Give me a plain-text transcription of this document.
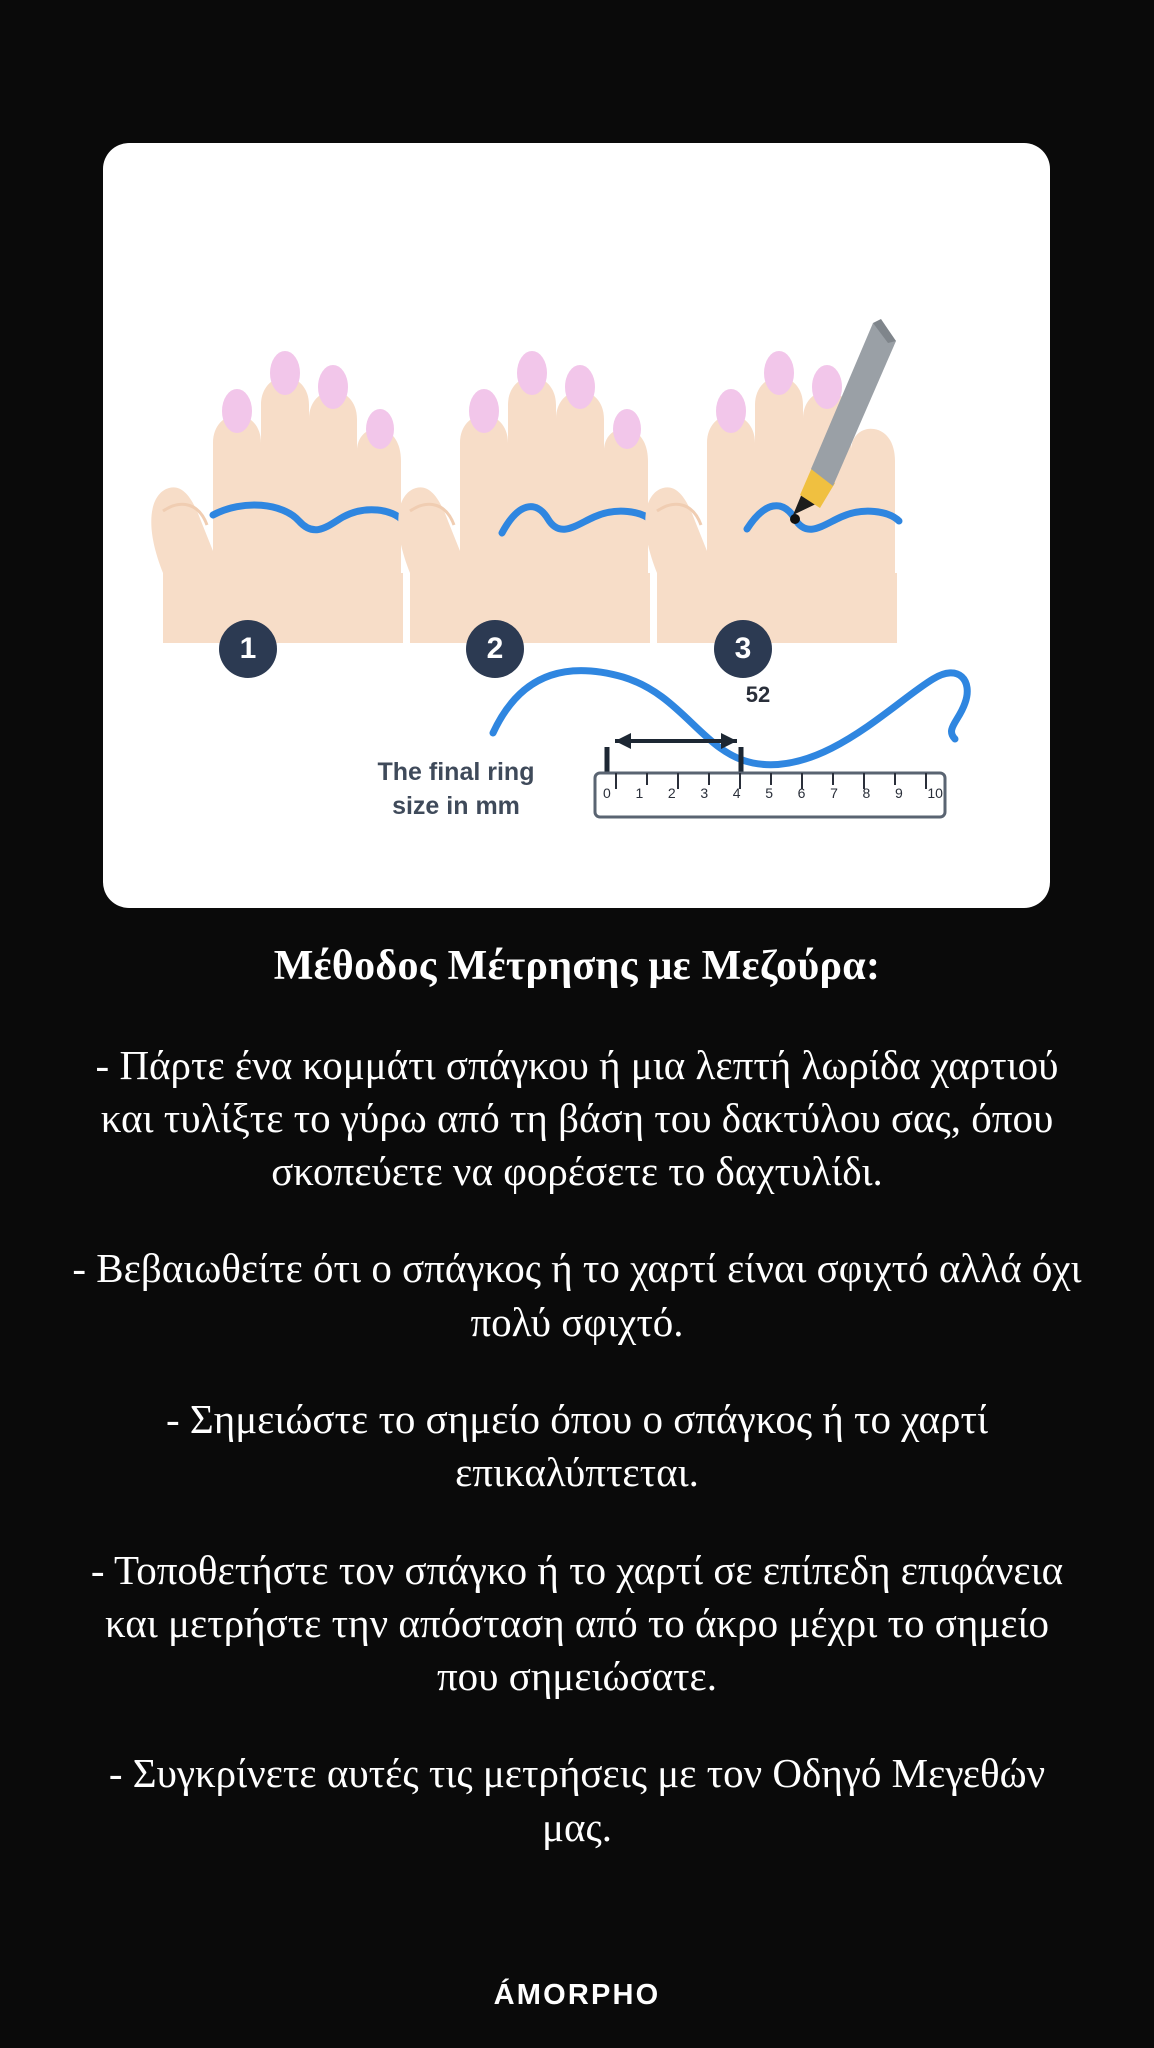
1	2	3
The final ring
size in mm
52
0 1 2 3 4 5 6 7 8 9 10
Μέθοδος Μέτρησης με Μεζούρα:

- Πάρτε ένα κομμάτι σπάγκου ή μια λεπτή λωρίδα χαρτιού και τυλίξτε το γύρω από τη βάση του δακτύλου σας, όπου σκοπεύετε να φορέσετε το δαχτυλίδι.

- Βεβαιωθείτε ότι ο σπάγκος ή το χαρτί είναι σφιχτό αλλά όχι πολύ σφιχτό.

- Σημειώστε το σημείο όπου ο σπάγκος ή το χαρτί επικαλύπτεται.

- Τοποθετήστε τον σπάγκο ή το χαρτί σε επίπεδη επιφάνεια και μετρήστε την απόσταση από το άκρο μέχρι το σημείο που σημειώσατε.

- Συγκρίνετε αυτές τις μετρήσεις με τον Οδηγό Μεγεθών μας.

ÁMORPHO
